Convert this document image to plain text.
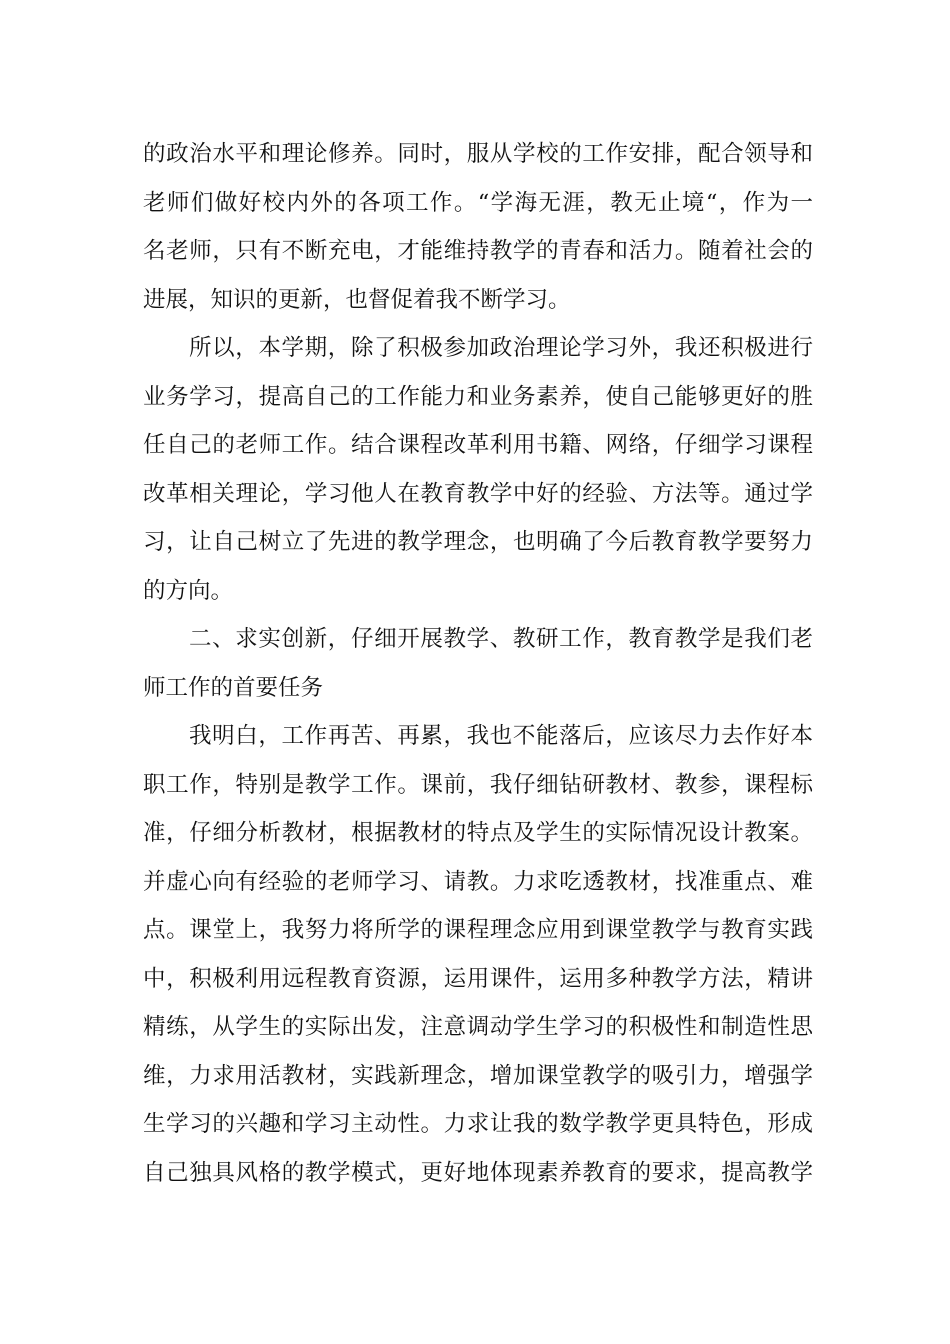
的政治水平和理论修养。同时，服从学校的工作安排，配合领导和
老师们做好校内外的各项工作。“学海无涯，教无止境“，作为一
名老师，只有不断充电，才能维持教学的青春和活力。随着社会的
进展，知识的更新，也督促着我不断学习。
所以，本学期，除了积极参加政治理论学习外，我还积极进行
业务学习，提高自己的工作能力和业务素养，使自己能够更好的胜
任自己的老师工作。结合课程改革利用书籍、网络，仔细学习课程
改革相关理论，学习他人在教育教学中好的经验、方法等。通过学
习，让自己树立了先进的教学理念，也明确了今后教育教学要努力
的方向。
二、求实创新，仔细开展教学、教研工作，教育教学是我们老
师工作的首要任务
我明白，工作再苦、再累，我也不能落后，应该尽力去作好本
职工作，特别是教学工作。课前，我仔细钻研教材、教参，课程标
准，仔细分析教材，根据教材的特点及学生的实际情况设计教案。
并虚心向有经验的老师学习、请教。力求吃透教材，找准重点、难
点。课堂上，我努力将所学的课程理念应用到课堂教学与教育实践
中，积极利用远程教育资源，运用课件，运用多种教学方法，精讲
精练，从学生的实际出发，注意调动学生学习的积极性和制造性思
维，力求用活教材，实践新理念，增加课堂教学的吸引力，增强学
生学习的兴趣和学习主动性。力求让我的数学教学更具特色，形成
自己独具风格的教学模式，更好地体现素养教育的要求，提高教学
